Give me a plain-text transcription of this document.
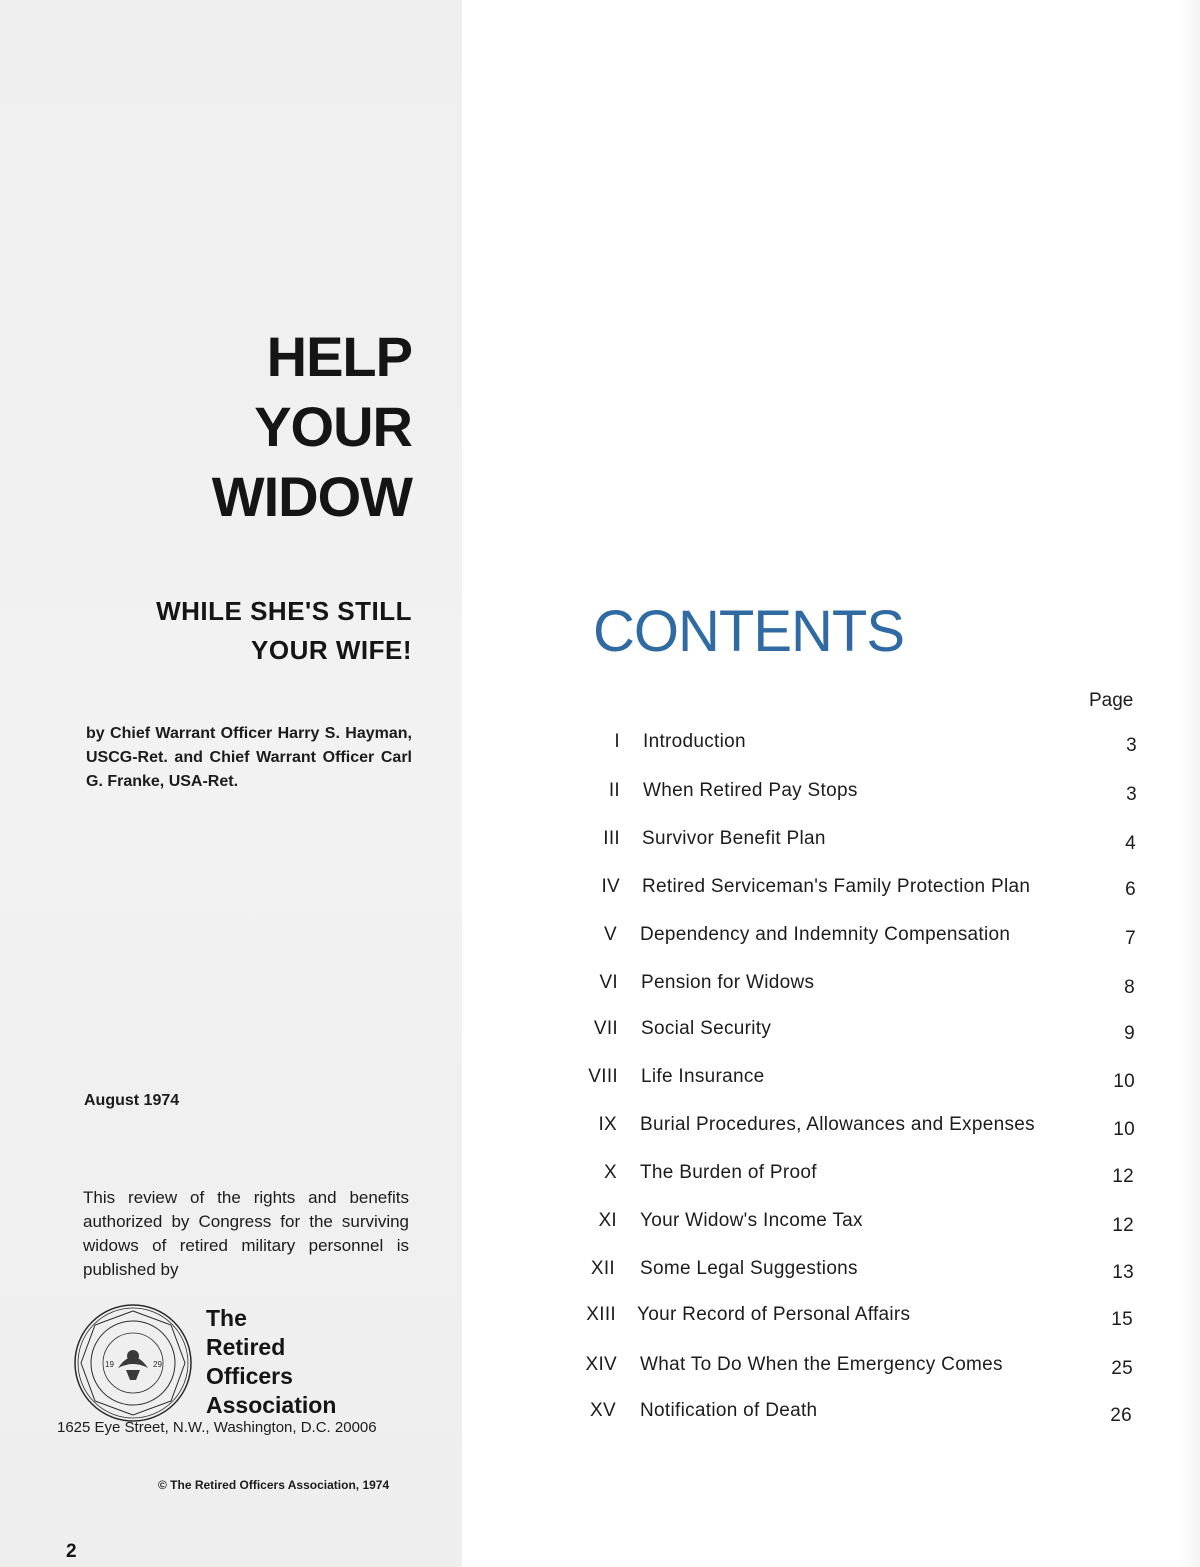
HELP
YOUR
WIDOW
WHILE SHE'S STILL
YOUR WIFE!

by Chief Warrant Officer Harry S. Hayman, USCG-Ret. and Chief Warrant Officer Carl G. Franke, USA-Ret.

August 1974

This review of the rights and benefits authorized by Congress for the surviving widows of retired military personnel is published by

19	29

The
Retired
Officers
Association

1625 Eye Street, N.W., Washington, D.C. 20006

© The Retired Officers Association, 1974

2

CONTENTS

Page

I Introduction	3
II When Retired Pay Stops	3
III Survivor Benefit Plan	4
IV Retired Serviceman's Family Protection Plan	6
V Dependency and Indemnity Compensation	7
VI Pension for Widows	8
VII Social Security	9
VIII Life Insurance	10
IX Burial Procedures, Allowances and Expenses	10
X The Burden of Proof	12
XI Your Widow's Income Tax	12
XII Some Legal Suggestions	13
XIII Your Record of Personal Affairs	15
XIV What To Do When the Emergency Comes	25
XV Notification of Death	26
